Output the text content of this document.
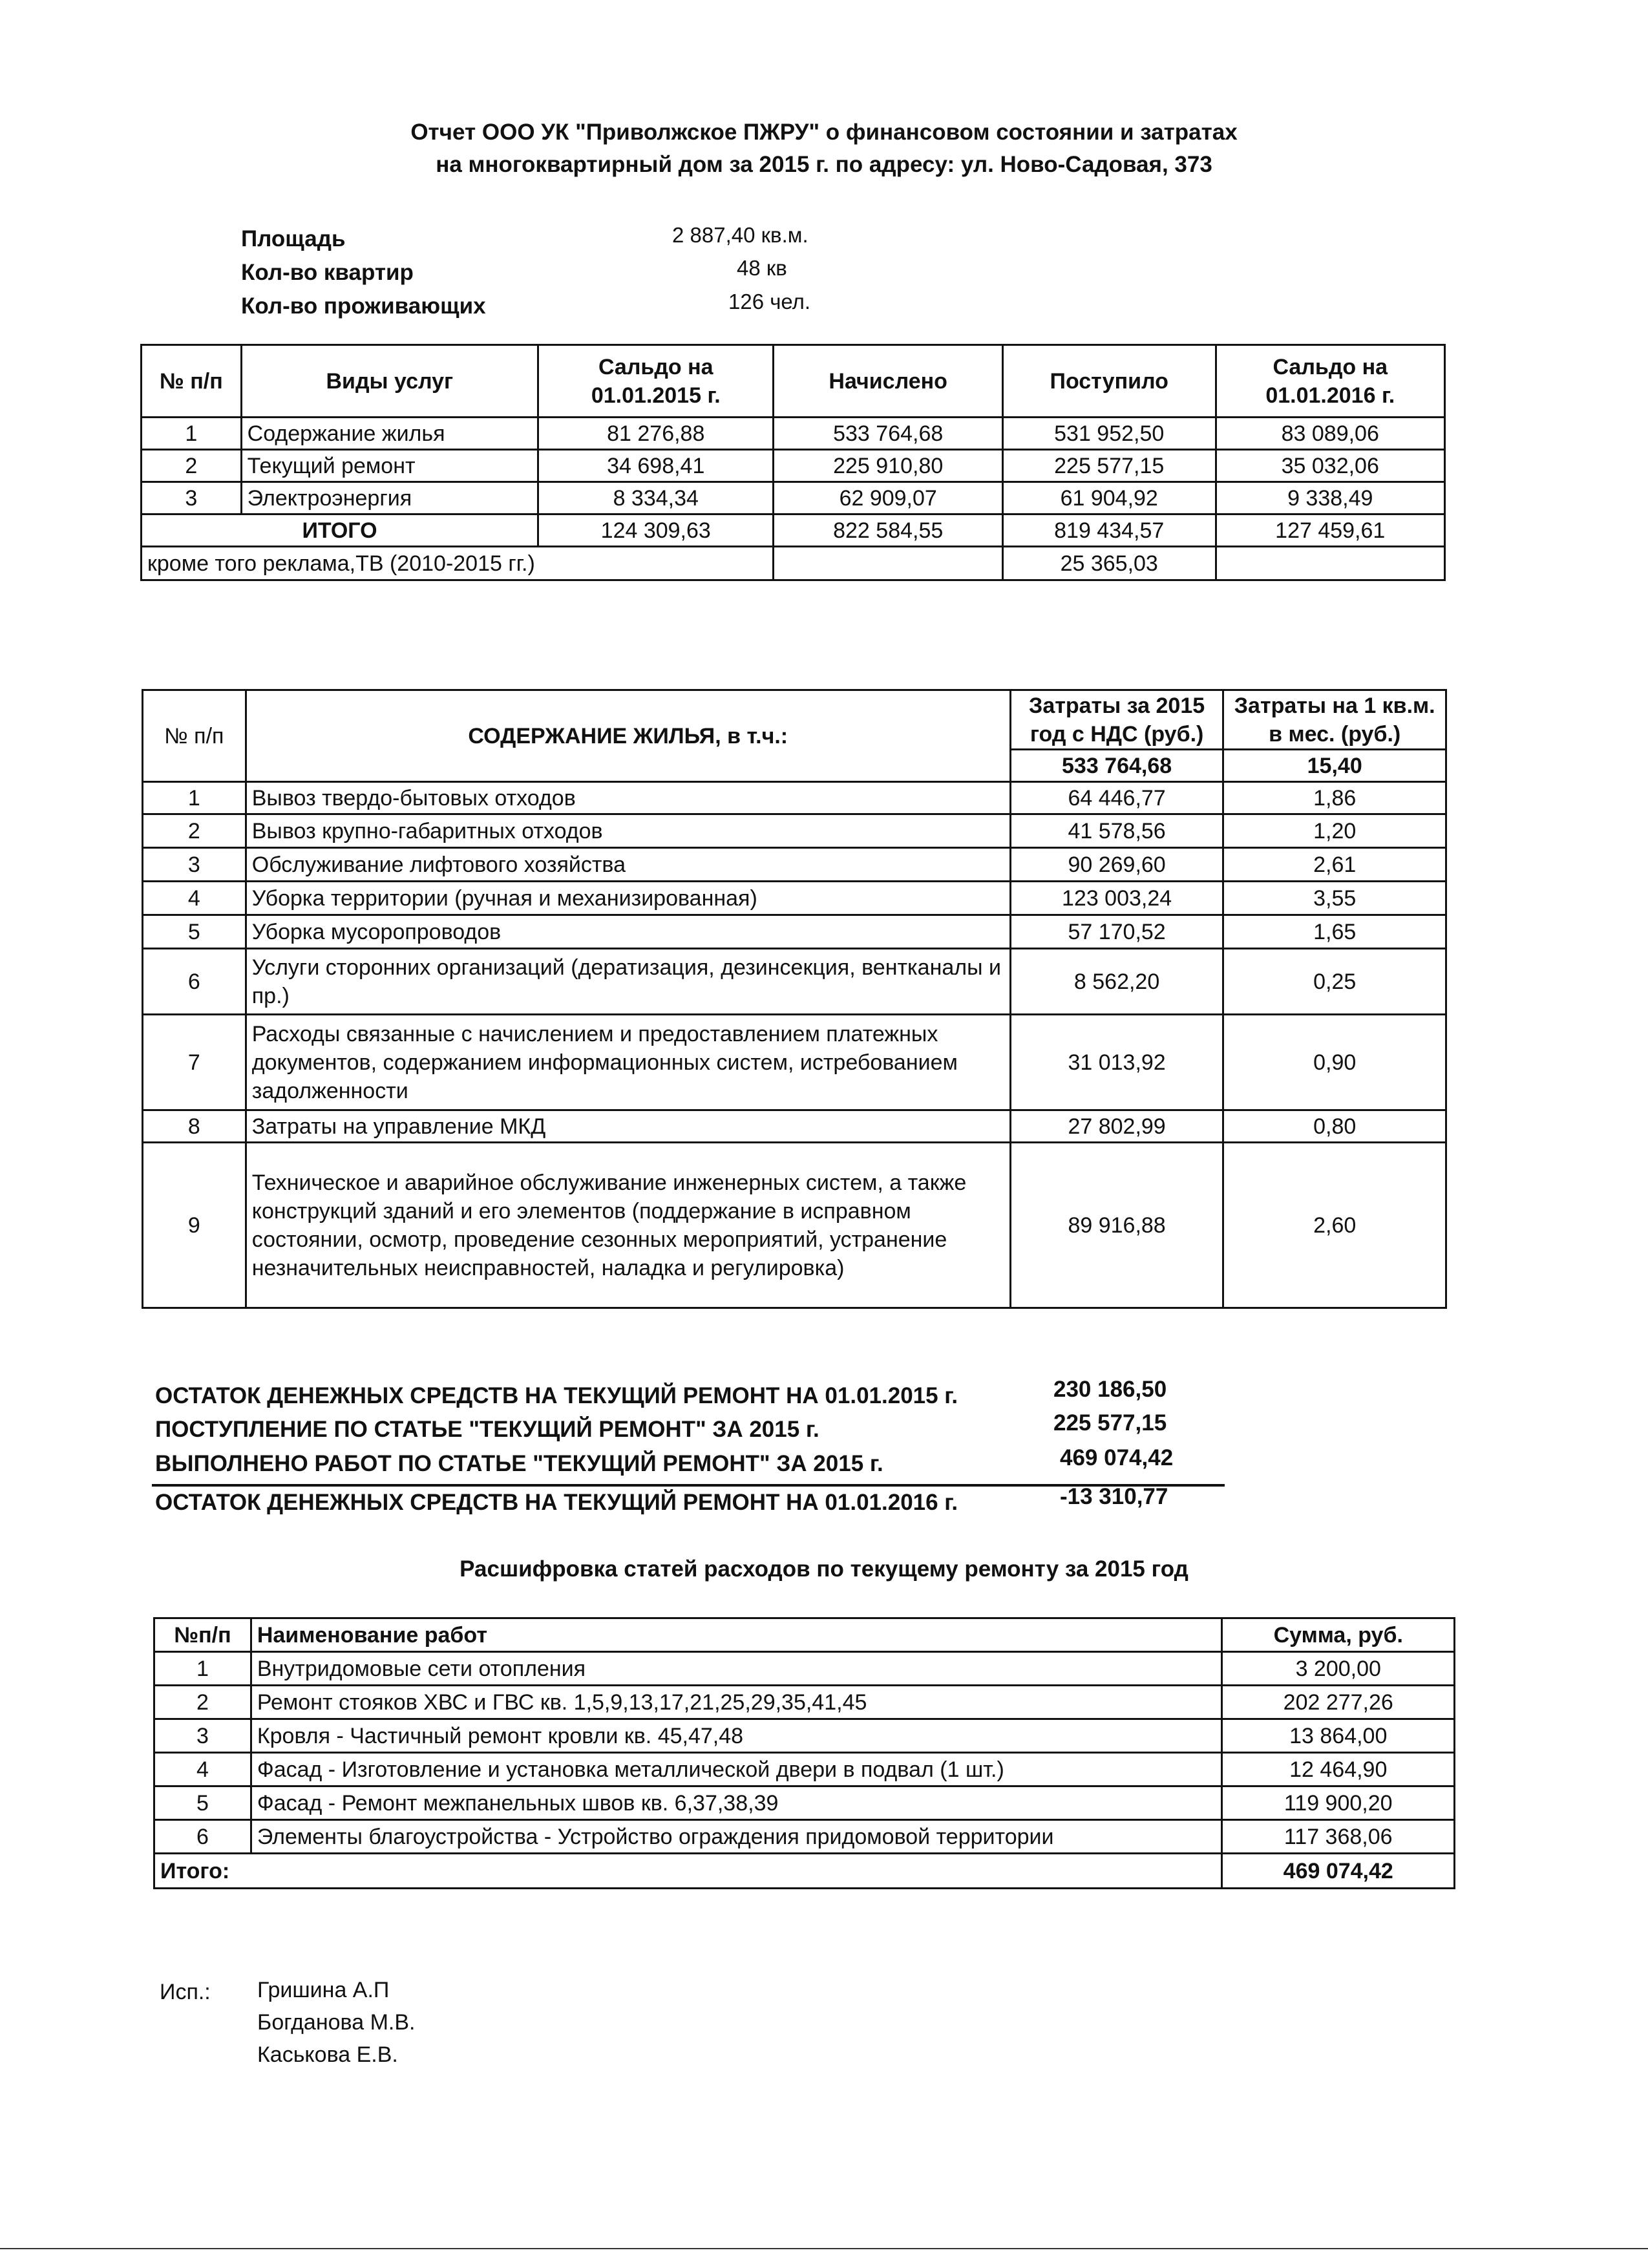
Отчет ООО УК "Приволжское ПЖРУ" о финансовом состоянии и затратах
на многоквартирный дом за 2015 г. по адресу: ул. Ново-Садовая, 373
Площадь	2 887,40 кв.м.
Кол-во квартир	48 кв
Кол-во проживающих	126 чел.
№ п/п	Виды услуг	Сальдо на 01.01.2015 г.	Начислено	Поступило	Сальдо на 01.01.2016 г.
1	Содержание жилья	81 276,88	533 764,68	531 952,50	83 089,06
2	Текущий ремонт	34 698,41	225 910,80	225 577,15	35 032,06
3	Электроэнергия	8 334,34	62 909,07	61 904,92	9 338,49
ИТОГО		124 309,63	822 584,55	819 434,57	127 459,61
кроме того реклама,ТВ (2010-2015 гг.)				25 365,03	
№ п/п	СОДЕРЖАНИЕ ЖИЛЬЯ, в т.ч.:	Затраты за 2015 год с НДС (руб.)	Затраты на 1 кв.м. в мес. (руб.)
		533 764,68	15,40
1	Вывоз твердо-бытовых отходов	64 446,77	1,86
2	Вывоз крупно-габаритных отходов	41 578,56	1,20
3	Обслуживание лифтового хозяйства	90 269,60	2,61
4	Уборка территории (ручная и механизированная)	123 003,24	3,55
5	Уборка мусоропроводов	57 170,52	1,65
6	Услуги сторонних организаций (дератизация, дезинсекция, вентканалы и пр.)	8 562,20	0,25
7	Расходы связанные с начислением и предоставлением платежных документов, содержанием информационных систем, истребованием задолженности	31 013,92	0,90
8	Затраты на управление МКД	27 802,99	0,80
9	Техническое и аварийное обслуживание инженерных систем, а также конструкций зданий и его элементов (поддержание в исправном состоянии, осмотр, проведение сезонных мероприятий, устранение незначительных неисправностей, наладка и регулировка)	89 916,88	2,60
ОСТАТОК ДЕНЕЖНЫХ СРЕДСТВ НА ТЕКУЩИЙ РЕМОНТ НА 01.01.2015 г.	230 186,50
ПОСТУПЛЕНИЕ ПО СТАТЬЕ "ТЕКУЩИЙ РЕМОНТ" ЗА 2015 г.	225 577,15
ВЫПОЛНЕНО РАБОТ ПО СТАТЬЕ "ТЕКУЩИЙ РЕМОНТ" ЗА 2015 г.	469 074,42
ОСТАТОК ДЕНЕЖНЫХ СРЕДСТВ НА ТЕКУЩИЙ РЕМОНТ НА 01.01.2016 г.	-13 310,77
Расшифровка статей расходов по текущему ремонту за 2015 год
№п/п	Наименование работ	Сумма, руб.
1	Внутридомовые сети отопления	3 200,00
2	Ремонт стояков ХВС и ГВС кв. 1,5,9,13,17,21,25,29,35,41,45	202 277,26
3	Кровля - Частичный ремонт кровли кв. 45,47,48	13 864,00
4	Фасад - Изготовление и установка металлической двери в подвал (1 шт.)	12 464,90
5	Фасад - Ремонт межпанельных швов кв. 6,37,38,39	119 900,20
6	Элементы благоустройства - Устройство ограждения придомовой территории	117 368,06
Итого:		469 074,42
Исп.: Гришина А.П
Богданова М.В.
Каськова Е.В.
